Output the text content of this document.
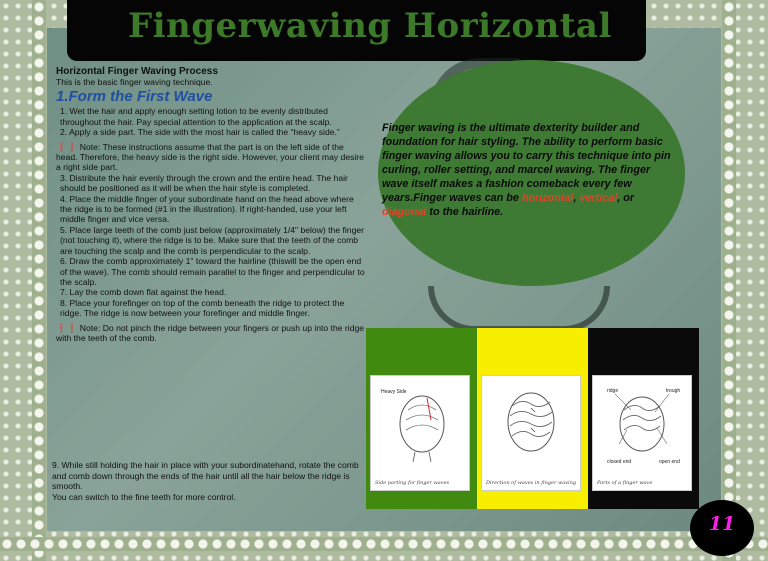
Fingerwaving Horizontal
Horizontal Finger Waving Process

This is the basic finger waving technique.

1.Form the First Wave

1. Wet the hair and apply enough setting lotion to be evenly distributed throughout the hair. Pay special attention to the application at the scalp.

2. Apply a side part. The side with the most hair is called the “heavy side.”

❗❗ Note: These instructions assume that the part is on the left side of the head. Therefore, the heavy side is the right side. However, your client may desire a right side part.

3. Distribute the hair evenly through the crown and the entire head. The hair should be positioned as it will be when the hair style is completed.

4. Place the middle finger of your subordinate hand on the head above where the ridge is to be formed (#1 in the illustration). If right-handed, use your left middle finger and vice versa.

5. Place large teeth of the comb just below (approximately 1/4" below) the finger (not touching it), where the ridge is to be. Make sure that the teeth of the comb are touching the scalp and the comb is perpendicular to the scalp.

6. Draw the comb approximately 1" toward the hairline (thiswill be the open end of the wave). The comb should remain parallel to the finger and perpendicular to the scalp.

7. Lay the comb down flat against the head.

8. Place your forefinger on top of the comb beneath the ridge to protect the ridge. The ridge is now between your forefinger and middle finger.

❗❗ Note: Do not pinch the ridge between your fingers or push up into the ridge with the teeth of the comb.

9. While still holding the hair in place with your subordinatehand, rotate the comb and comb down through the ends of the hair until all the hair below the ridge is smooth.

You can switch to the fine teeth for more control.

Finger waving is the ultimate dexterity builder and foundation for hair styling. The ability to perform basic finger waving allows you to carry this technique into pin curling, roller setting, and marcel waving. The finger wave itself makes a fashion comeback every few years.Finger waves can be horizontal, vertical, or diagonal to the hairline.
Heavy Side
Side parting for finger waves	Direction of waves in finger waving
ridge	trough
closed end	open end
Parts of a finger wave
11
